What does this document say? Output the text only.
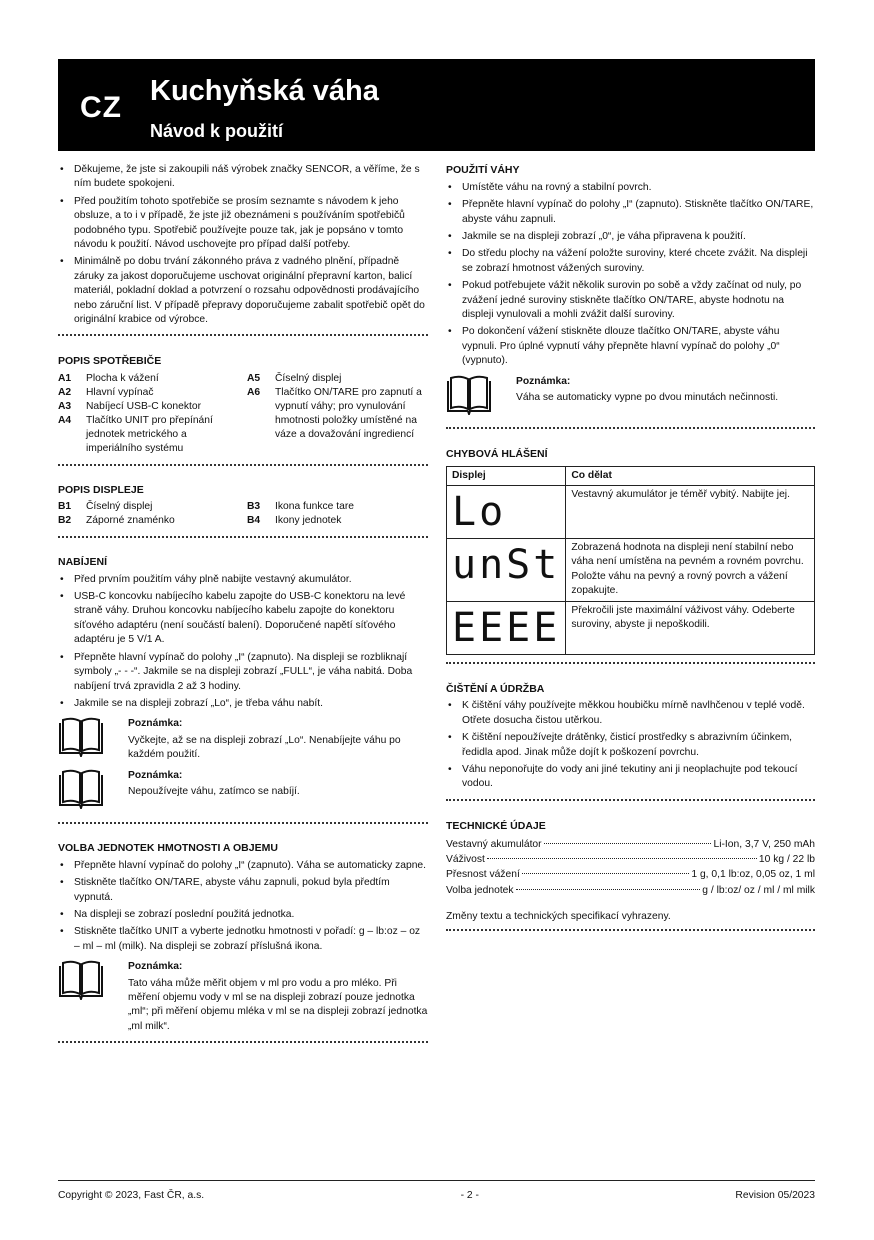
CZ Kuchyňská váha
Návod k použití
• Děkujeme, že jste si zakoupili náš výrobek značky SENCOR, a věříme, že s ním budete spokojeni.
• Před použitím tohoto spotřebiče se prosím seznamte s návodem k jeho obsluze, a to i v případě, že jste již obeznámeni s používáním spotřebičů podobného typu. Spotřebič používejte pouze tak, jak je popsáno v tomto návodu k použití. Návod uschovejte pro případ další potřeby.
• Minimálně po dobu trvání zákonného práva z vadného plnění, případně záruky za jakost doporučujeme uschovat originální přepravní karton, balicí materiál, pokladní doklad a potvrzení o rozsahu odpovědnosti prodávajícího nebo záruční list. V případě přepravy doporučujeme zabalit spotřebič opět do originální krabice od výrobce.
POPIS SPOTŘEBIČE
A1	Plocha k vážení
A2	Hlavní vypínač
A3	Nabíjecí USB-C konektor
A4	Tlačítko UNIT pro přepínání jednotek metrického a imperiálního systému
A5	Číselný displej
A6	Tlačítko ON/TARE pro zapnutí a vypnutí váhy; pro vynulování hmotnosti položky umístěné na váze a dovažování ingrediencí
POPIS DISPLEJE
B1	Číselný displej
B2	Záporné znaménko
B3	Ikona funkce tare
B4	Ikony jednotek
NABÍJENÍ
• Před prvním použitím váhy plně nabijte vestavný akumulátor.
• USB-C koncovku nabíjecího kabelu zapojte do USB-C konektoru na levé straně váhy. Druhou koncovku nabíjecího kabelu zapojte do konektoru síťového adaptéru (není součástí balení). Doporučené napětí síťového adaptéru je 5 V/1 A.
• Přepněte hlavní vypínač do polohy „I“ (zapnuto). Na displeji se rozbliknají symboly „- - -“. Jakmile se na displeji zobrazí „FULL“, je váha nabitá. Doba nabíjení trvá zpravidla 2 až 3 hodiny.
• Jakmile se na displeji zobrazí „Lo“, je třeba váhu nabít.
Poznámka:
Vyčkejte, až se na displeji zobrazí „Lo“. Nenabíjejte váhu po každém použití.
Poznámka:
Nepoužívejte váhu, zatímco se nabíjí.
VOLBA JEDNOTEK HMOTNOSTI A OBJEMU
• Přepněte hlavní vypínač do polohy „I“ (zapnuto). Váha se automaticky zapne.
• Stiskněte tlačítko ON/TARE, abyste váhu zapnuli, pokud byla předtím vypnutá.
• Na displeji se zobrazí poslední použitá jednotka.
• Stiskněte tlačítko UNIT a vyberte jednotku hmotnosti v pořadí: g – lb:oz – oz – ml – ml (milk). Na displeji se zobrazí příslušná ikona.
Poznámka:
Tato váha může měřit objem v ml pro vodu a pro mléko. Při měření objemu vody v ml se na displeji zobrazí pouze jednotka „ml“; při měření objemu mléka v ml se na displeji zobrazí jednotka „ml milk“.
POUŽITÍ VÁHY
• Umístěte váhu na rovný a stabilní povrch.
• Přepněte hlavní vypínač do polohy „I“ (zapnuto). Stiskněte tlačítko ON/TARE, abyste váhu zapnuli.
• Jakmile se na displeji zobrazí „0“, je váha připravena k použití.
• Do středu plochy na vážení položte suroviny, které chcete zvážit. Na displeji se zobrazí hmotnost vážených suroviny.
• Pokud potřebujete vážit několik surovin po sobě a vždy začínat od nuly, po zvážení jedné suroviny stiskněte tlačítko ON/TARE, abyste hodnotu na displeji vynulovali a mohli zvážit další suroviny.
• Po dokončení vážení stiskněte dlouze tlačítko ON/TARE, abyste váhu vypnuli. Pro úplné vypnutí váhy přepněte hlavní vypínač do polohy „0“ (vypnuto).
Poznámka:
Váha se automaticky vypne po dvou minutách nečinnosti.
CHYBOVÁ HLÁŠENÍ
Displej	Co dělat
Lo	Vestavný akumulátor je téměř vybitý. Nabijte jej.
unSt	Zobrazená hodnota na displeji není stabilní nebo váha není umístěna na pevném a rovném povrchu. Položte váhu na pevný a rovný povrch a vážení zopakujte.
EEEE	Překročili jste maximální váživost váhy. Odeberte suroviny, abyste ji nepoškodili.
ČIŠTĚNÍ A ÚDRŽBA
• K čištění váhy používejte měkkou houbičku mírně navlhčenou v teplé vodě. Otřete dosucha čistou utěrkou.
• K čištění nepoužívejte drátěnky, čisticí prostředky s abrazivním účinkem, ředidla apod. Jinak může dojít k poškození povrchu.
• Váhu neponořujte do vody ani jiné tekutiny ani ji neoplachujte pod tekoucí vodou.
TECHNICKÉ ÚDAJE
Vestavný akumulátor	Li-Ion, 3,7 V, 250 mAh
Váživost	10 kg / 22 lb
Přesnost vážení	1 g, 0,1 lb:oz, 0,05 oz, 1 ml
Volba jednotek	g / lb:oz/ oz / ml / ml milk
Změny textu a technických specifikací vyhrazeny.
Copyright © 2023, Fast ČR, a.s.	- 2 -	Revision 05/2023
